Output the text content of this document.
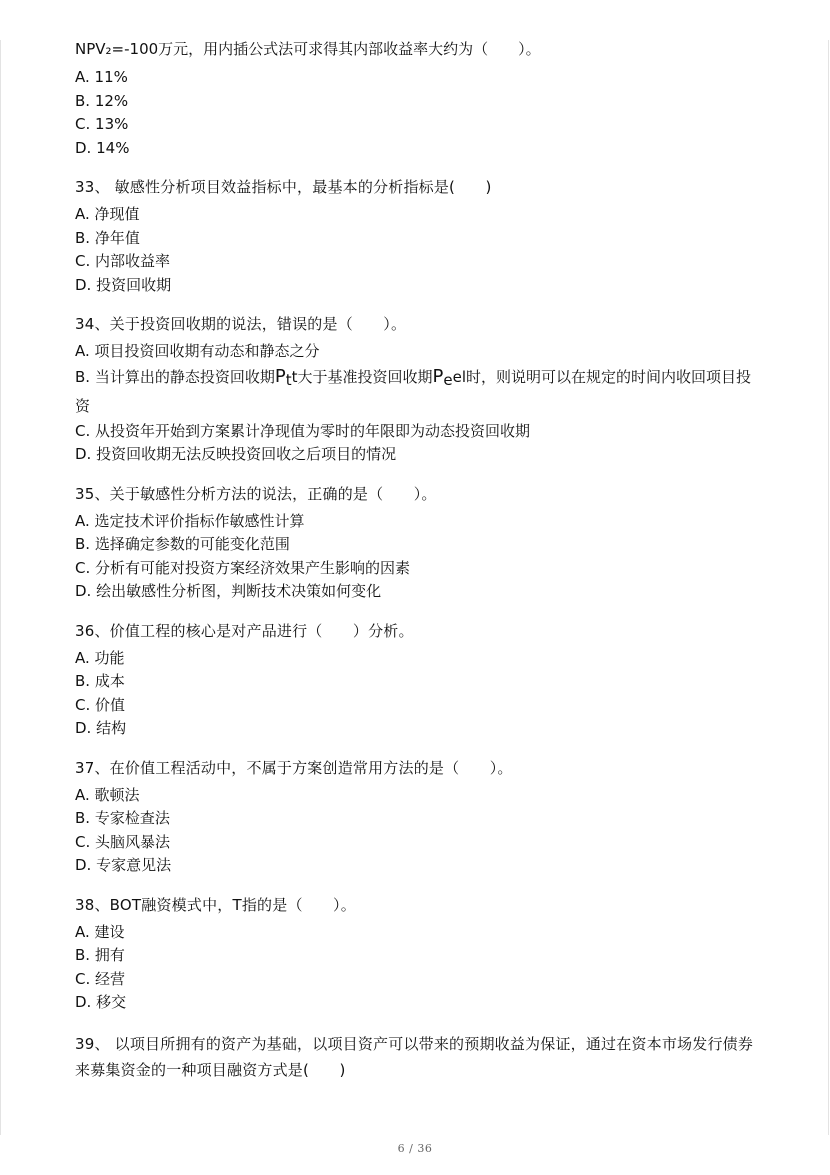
NPV₂=-100万元，用内插公式法可求得其内部收益率大约为（　　）。

A. 11%
B. 12%
C. 13%
D. 14%

33、 敏感性分析项目效益指标中，最基本的分析指标是(　　)

A. 净现值
B. 净年值
C. 内部收益率
D. 投资回收期

34、关于投资回收期的说法，错误的是（　　）。

A. 项目投资回收期有动态和静态之分
B. 当计算出的静态投资回收期Ptt大于基准投资回收期Peel时，则说明可以在规定的时间内收回项目投资
C. 从投资年开始到方案累计净现值为零时的年限即为动态投资回收期
D. 投资回收期无法反映投资回收之后项目的情况

35、关于敏感性分析方法的说法，正确的是（　　）。

A. 选定技术评价指标作敏感性计算
B. 选择确定参数的可能变化范围
C. 分析有可能对投资方案经济效果产生影响的因素
D. 绘出敏感性分析图，判断技术决策如何变化

36、价值工程的核心是对产品进行（　　）分析。

A. 功能
B. 成本
C. 价值
D. 结构

37、在价值工程活动中，不属于方案创造常用方法的是（　　）。

A. 歌顿法
B. 专家检查法
C. 头脑风暴法
D. 专家意见法

38、BOT融资模式中，T指的是（　　）。

A. 建设
B. 拥有
C. 经营
D. 移交

39、 以项目所拥有的资产为基础，以项目资产可以带来的预期收益为保证，通过在资本市场发行债券来募集资金的一种项目融资方式是(　　)

6 / 36
